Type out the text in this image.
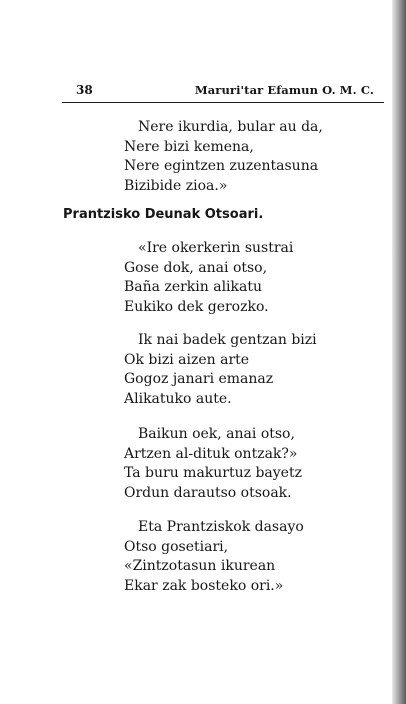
38	Maruri'tar Efamun O. M. C.
Nere ikurdia, bular au da,
Nere bizi kemena,
Nere egintzen zuzentasuna
Bizibide zioa.»
Prantzisko Deunak Otsoari.
«Ire okerkerin sustrai
Gose dok, anai otso,
Baña zerkin alikatu
Eukiko dek gerozko.
Ik nai badek gentzan bizi
Ok bizi aizen arte
Gogoz janari emanaz
Alikatuko aute.
Baikun oek, anai otso,
Artzen al-dituk ontzak?»
Ta buru makurtuz bayetz
Ordun darautso otsoak.
Eta Prantziskok dasayo
Otso gosetiari,
«Zintzotasun ikurean
Ekar zak bosteko ori.»
